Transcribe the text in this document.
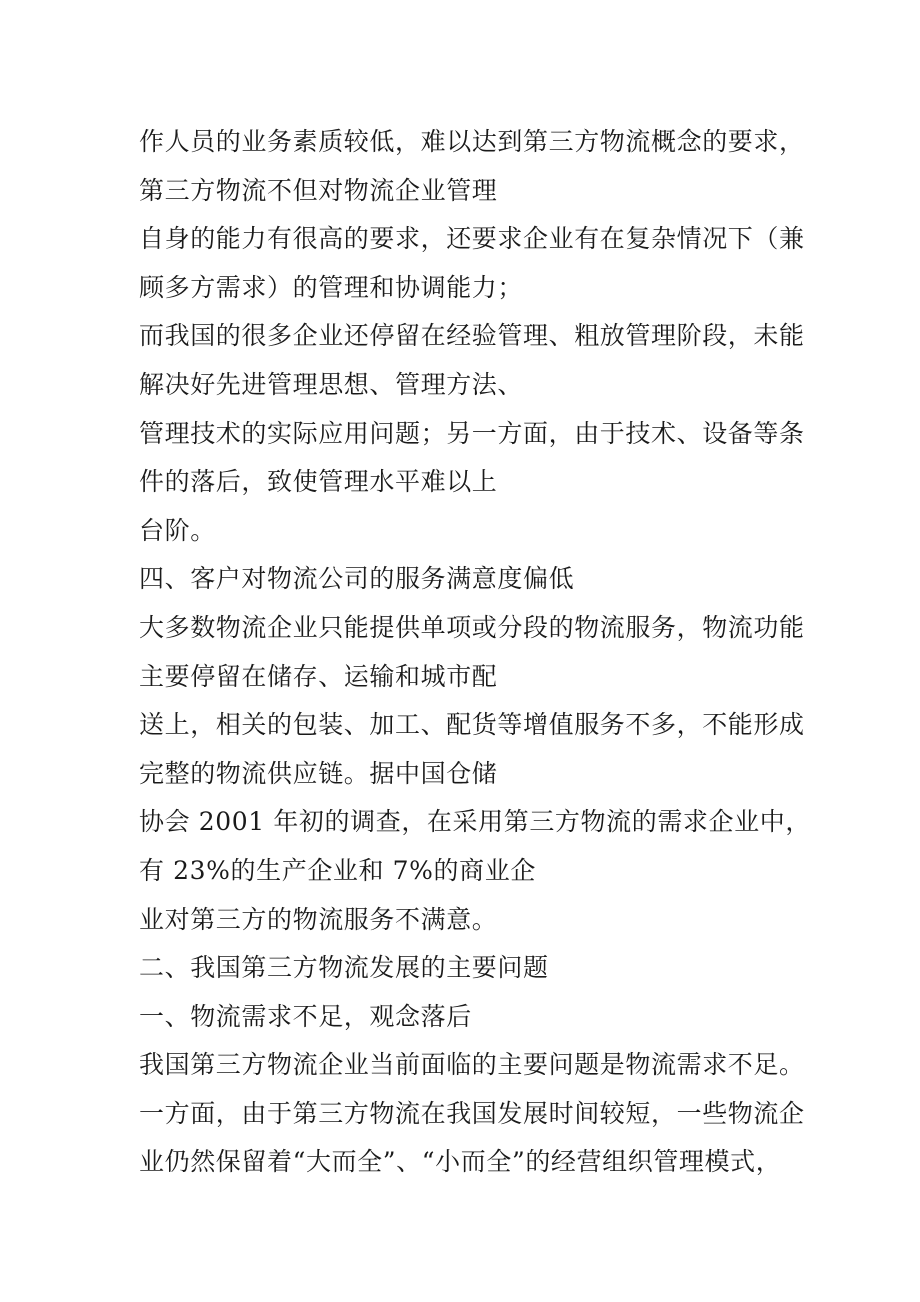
作人员的业务素质较低，难以达到第三方物流概念的要求，
第三方物流不但对物流企业管理
自身的能力有很高的要求，还要求企业有在复杂情况下（兼
顾多方需求）的管理和协调能力；
而我国的很多企业还停留在经验管理、粗放管理阶段，未能
解决好先进管理思想、管理方法、
管理技术的实际应用问题；另一方面，由于技术、设备等条
件的落后，致使管理水平难以上
台阶。
四、客户对物流公司的服务满意度偏低
大多数物流企业只能提供单项或分段的物流服务，物流功能
主要停留在储存、运输和城市配
送上，相关的包装、加工、配货等增值服务不多，不能形成
完整的物流供应链。据中国仓储
协会 2001 年初的调查，在采用第三方物流的需求企业中，
有 23%的生产企业和 7%的商业企
业对第三方的物流服务不满意。
二、我国第三方物流发展的主要问题
一、物流需求不足，观念落后
我国第三方物流企业当前面临的主要问题是物流需求不足。
一方面，由于第三方物流在我国发展时间较短，一些物流企
业仍然保留着“大而全”、“小而全”的经营组织管理模式，
